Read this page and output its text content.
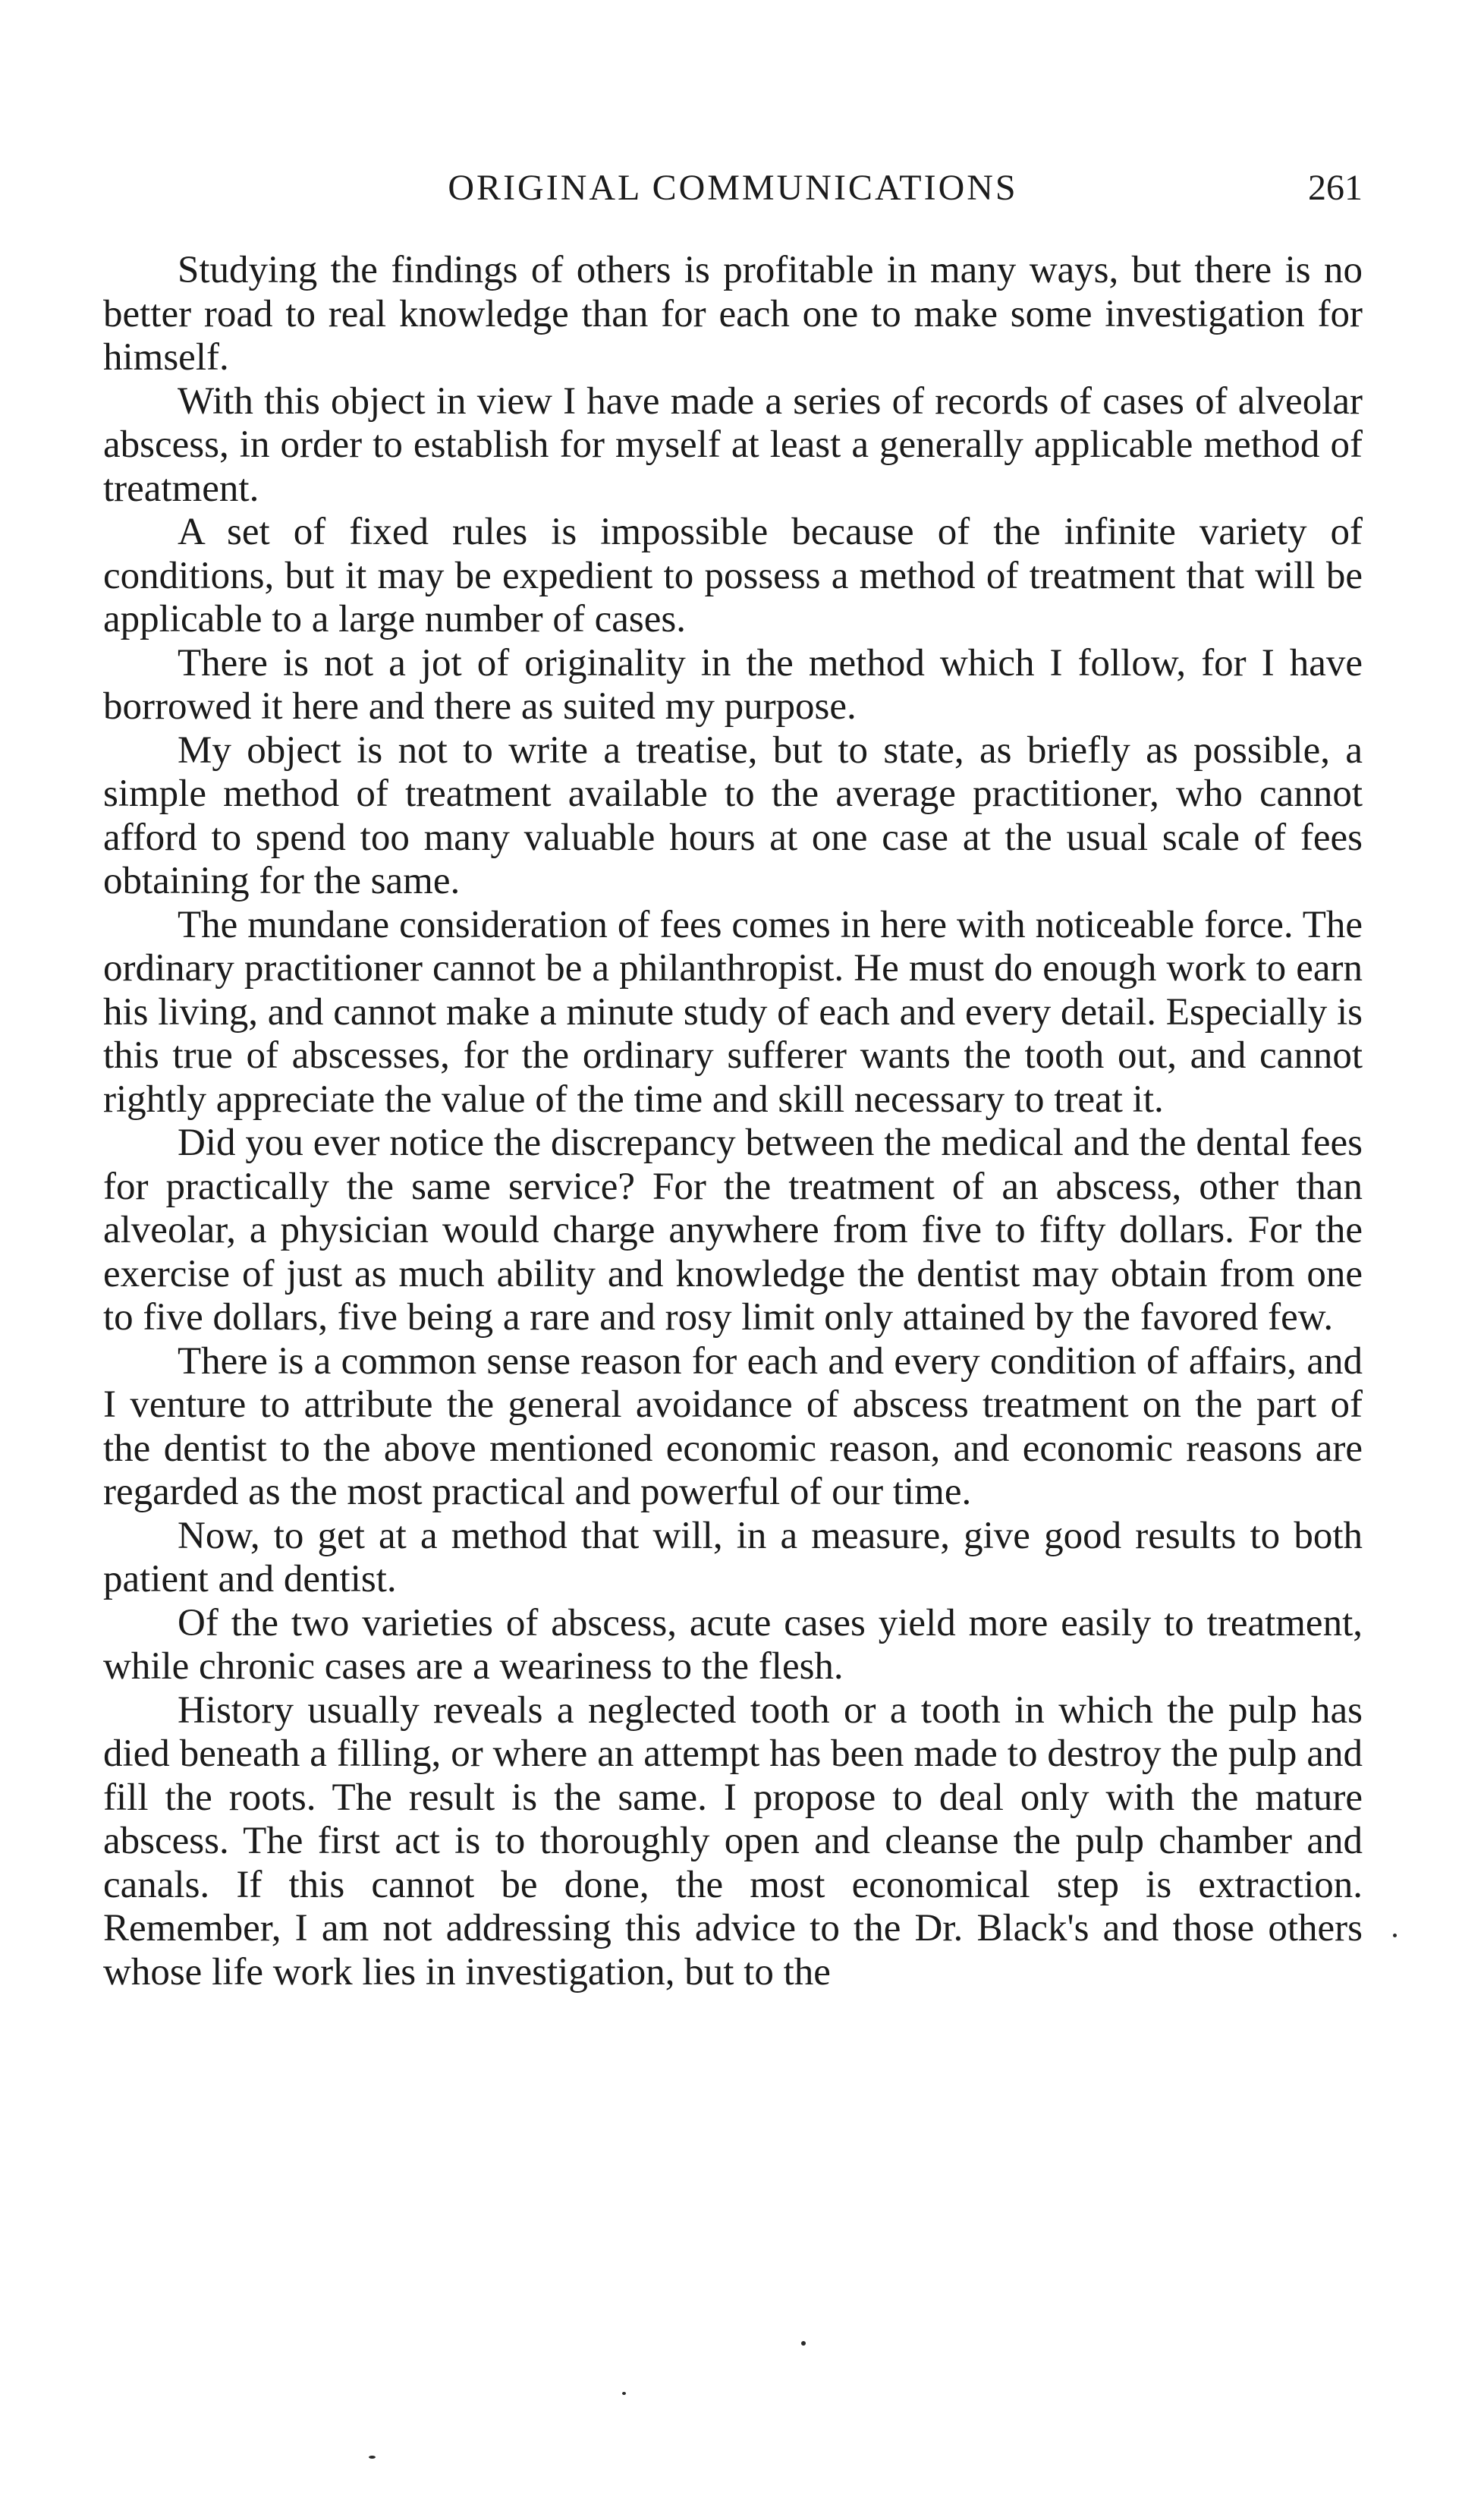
ORIGINAL COMMUNICATIONS	261

Studying the findings of others is profitable in many ways, but there is no better road to real knowledge than for each one to make some investigation for himself.

With this object in view I have made a series of records of cases of alveolar abscess, in order to establish for myself at least a generally applicable method of treatment.

A set of fixed rules is impossible because of the infinite variety of conditions, but it may be expedient to possess a method of treatment that will be applicable to a large number of cases.

There is not a jot of originality in the method which I follow, for I have borrowed it here and there as suited my purpose.

My object is not to write a treatise, but to state, as briefly as possible, a simple method of treatment available to the average practitioner, who cannot afford to spend too many valuable hours at one case at the usual scale of fees obtaining for the same.

The mundane consideration of fees comes in here with noticeable force. The ordinary practitioner cannot be a philanthropist. He must do enough work to earn his living, and cannot make a minute study of each and every detail. Especially is this true of abscesses, for the ordinary sufferer wants the tooth out, and cannot rightly appreciate the value of the time and skill necessary to treat it.

Did you ever notice the discrepancy between the medical and the dental fees for practically the same service? For the treatment of an abscess, other than alveolar, a physician would charge anywhere from five to fifty dollars. For the exercise of just as much ability and knowledge the dentist may obtain from one to five dollars, five being a rare and rosy limit only attained by the favored few.

There is a common sense reason for each and every condition of affairs, and I venture to attribute the general avoidance of abscess treatment on the part of the dentist to the above mentioned economic reason, and economic reasons are regarded as the most practical and powerful of our time.

Now, to get at a method that will, in a measure, give good results to both patient and dentist.

Of the two varieties of abscess, acute cases yield more easily to treatment, while chronic cases are a weariness to the flesh.

History usually reveals a neglected tooth or a tooth in which the pulp has died beneath a filling, or where an attempt has been made to destroy the pulp and fill the roots. The result is the same. I propose to deal only with the mature abscess. The first act is to thoroughly open and cleanse the pulp chamber and canals. If this cannot be done, the most economical step is extraction. Remember, I am not addressing this advice to the Dr. Black's and those others whose life work lies in investigation, but to the
